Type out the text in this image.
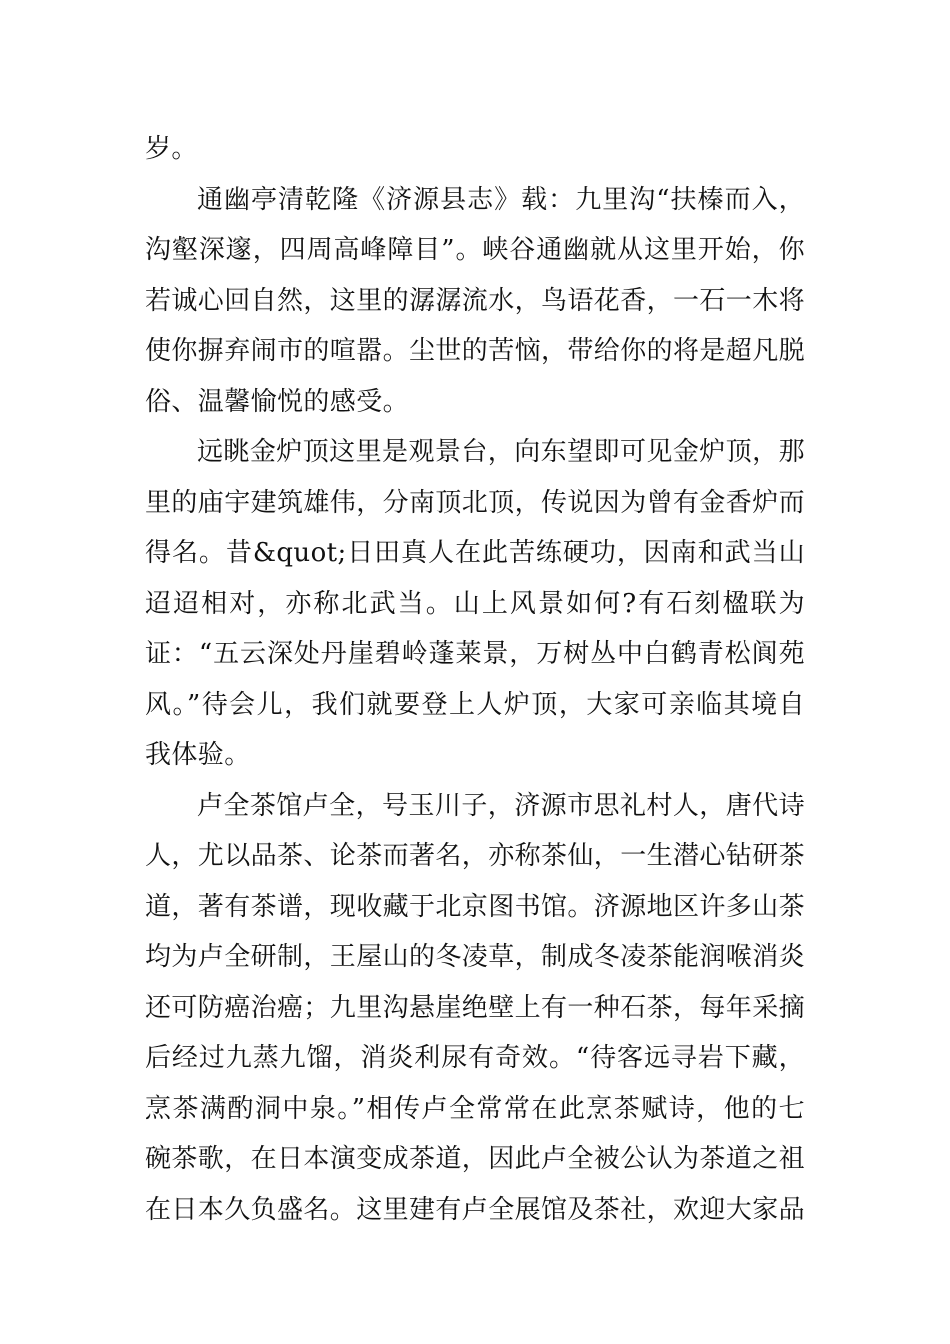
岁。

通幽亭清乾隆《济源县志》载：九里沟“扶榛而入，沟壑深邃，四周高峰障目”。峡谷通幽就从这里开始，你若诚心回自然，这里的潺潺流水，鸟语花香，一石一木将使你摒弃闹市的喧嚣。尘世的苦恼，带给你的将是超凡脱俗、温馨愉悦的感受。

远眺金炉顶这里是观景台，向东望即可见金炉顶，那里的庙宇建筑雄伟，分南顶北顶，传说因为曾有金香炉而得名。昔&quot;日田真人在此苦练硬功，因南和武当山迢迢相对，亦称北武当。山上风景如何?有石刻楹联为证：“五云深处丹崖碧岭蓬莱景，万树丛中白鹤青松阆苑风。”待会儿，我们就要登上人炉顶，大家可亲临其境自我体验。

卢全茶馆卢全，号玉川子，济源市思礼村人，唐代诗人，尤以品茶、论茶而著名，亦称茶仙，一生潜心钻研茶道，著有茶谱，现收藏于北京图书馆。济源地区许多山茶均为卢全研制，王屋山的冬凌草，制成冬凌茶能润喉消炎还可防癌治癌；九里沟悬崖绝壁上有一种石茶，每年采摘后经过九蒸九馏，消炎利尿有奇效。“待客远寻岩下藏，烹茶满酌洞中泉。”相传卢全常常在此烹茶赋诗，他的七碗茶歌，在日本演变成茶道，因此卢全被公认为茶道之祖在日本久负盛名。这里建有卢全展馆及茶社，欢迎大家品
